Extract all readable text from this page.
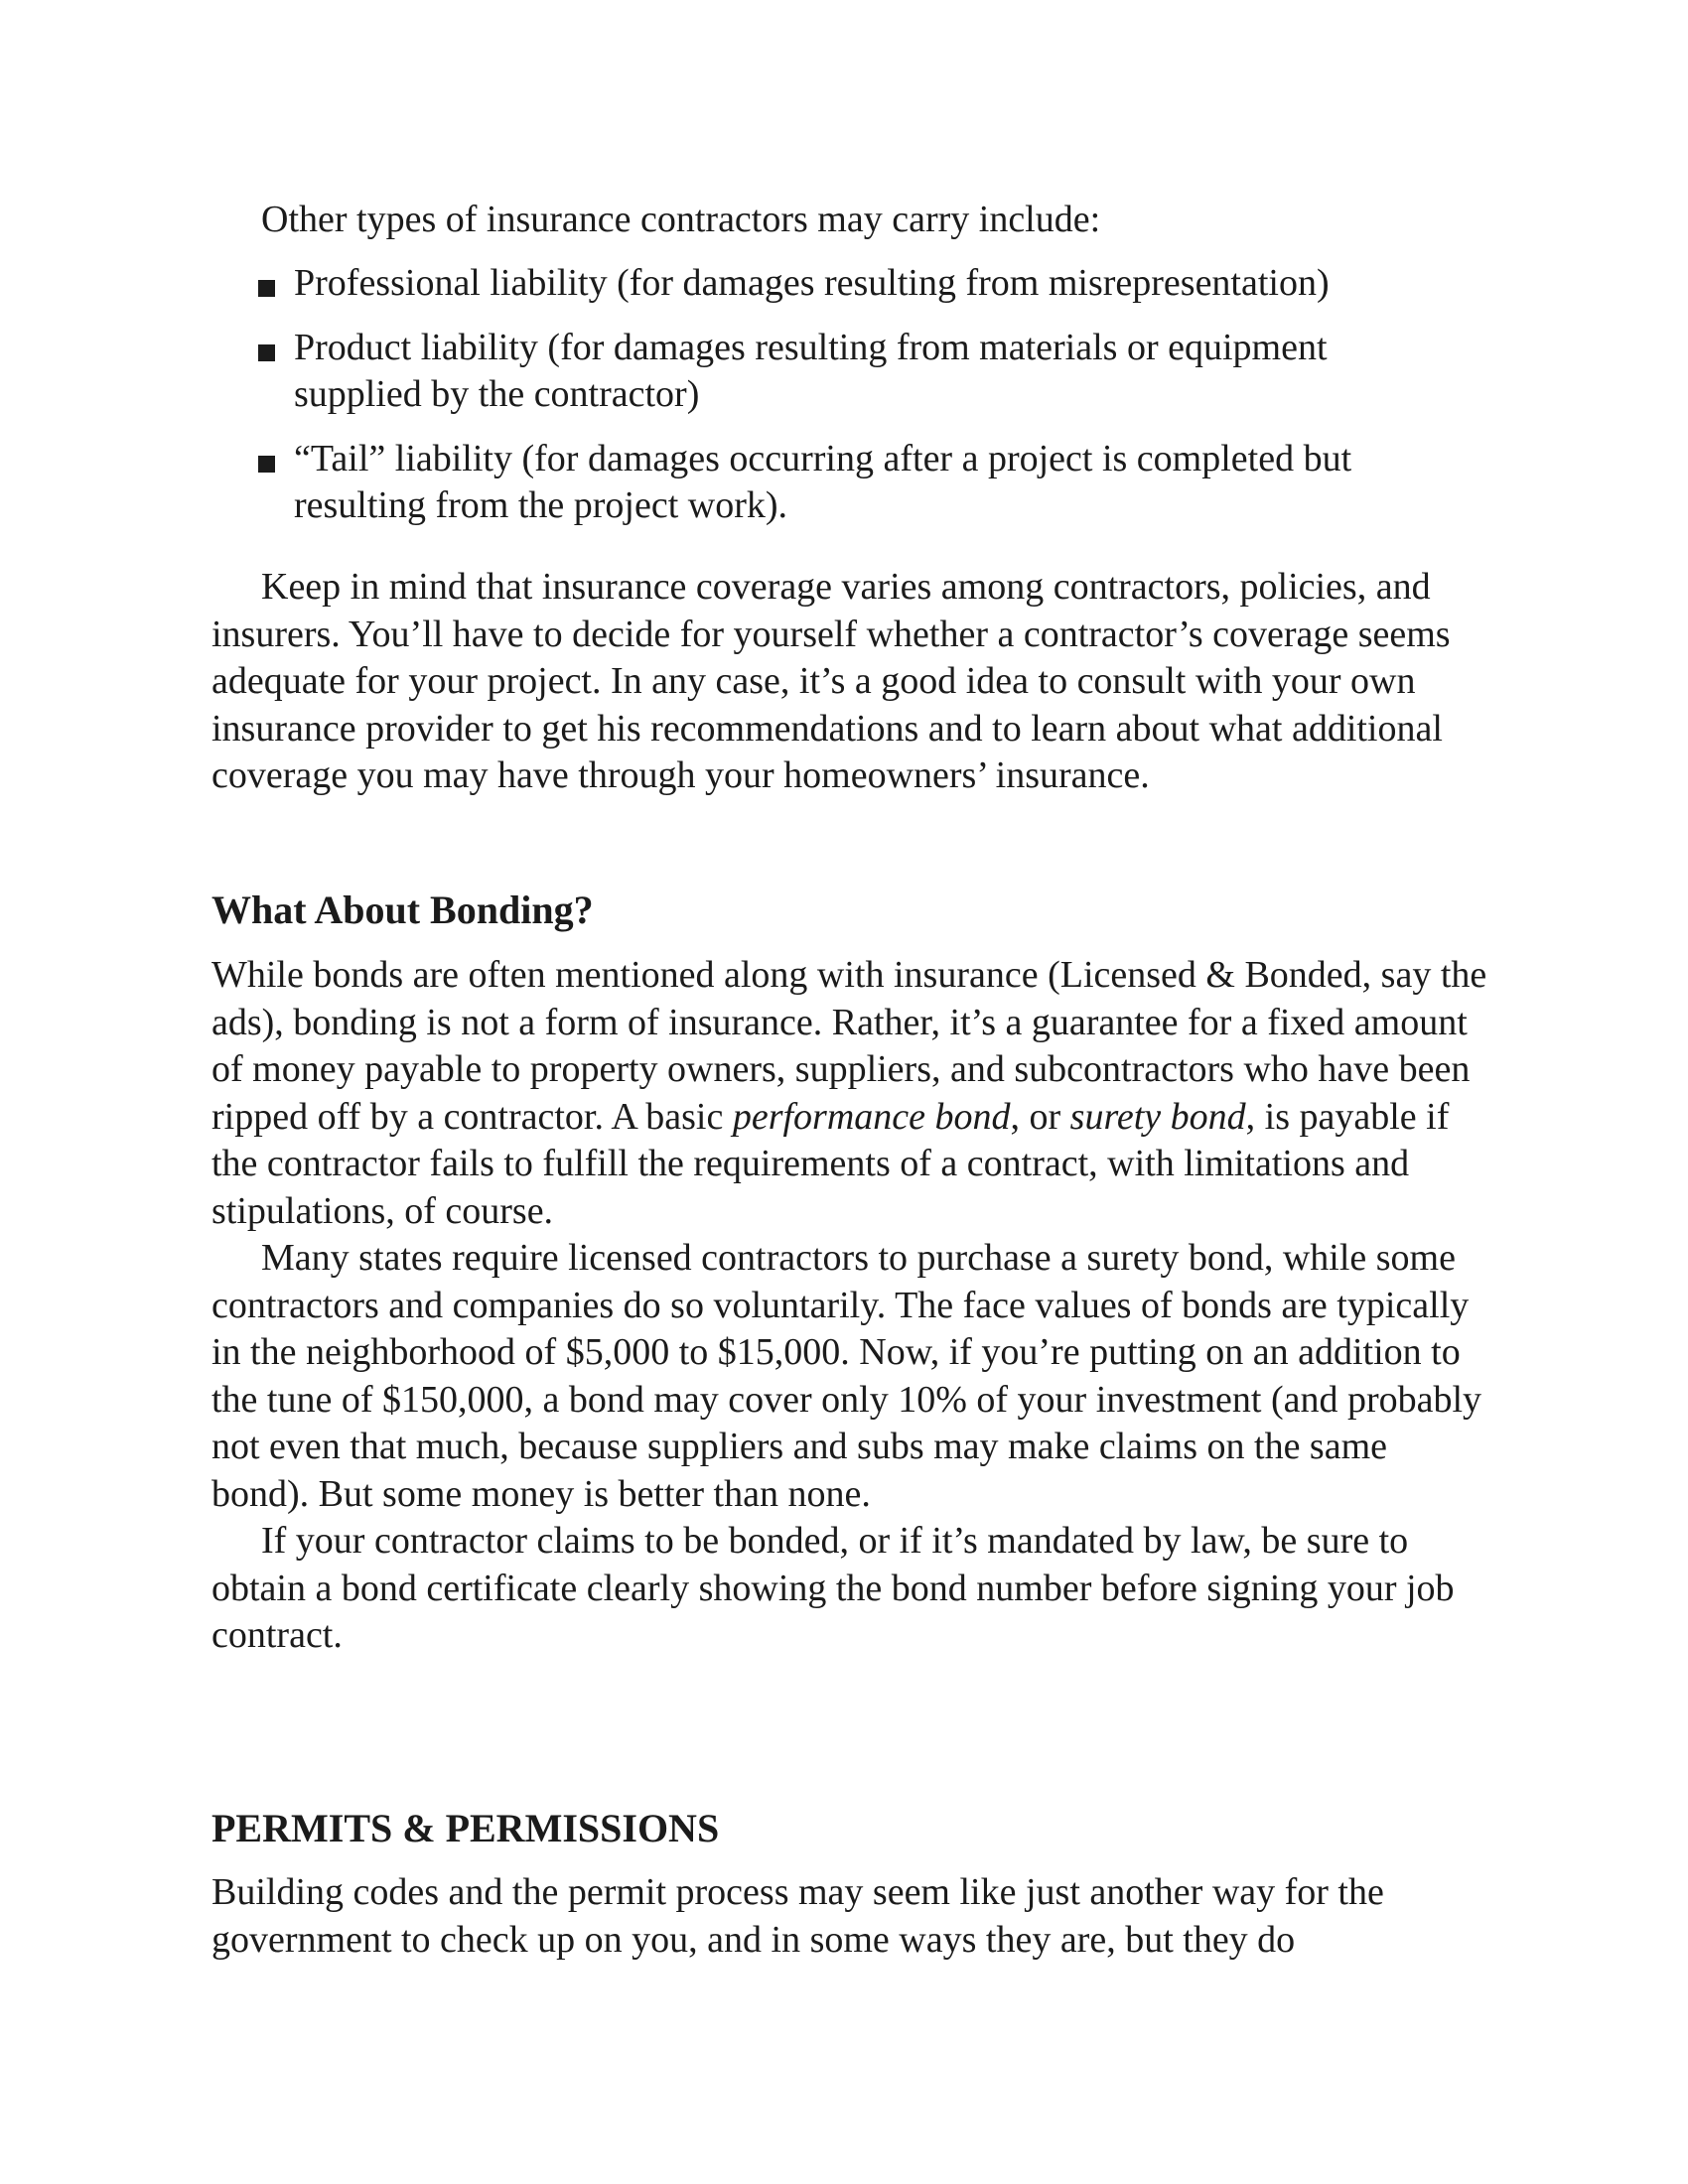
Other types of insurance contractors may carry include:

Professional liability (for damages resulting from misrepresentation)
Product liability (for damages resulting from materials or equipment supplied by the contractor)
“Tail” liability (for damages occurring after a project is completed but resulting from the project work).

Keep in mind that insurance coverage varies among contractors, policies, and insurers. You’ll have to decide for yourself whether a contractor’s coverage seems adequate for your project. In any case, it’s a good idea to consult with your own insurance provider to get his recommendations and to learn about what additional coverage you may have through your homeowners’ insurance.

What About Bonding?

While bonds are often mentioned along with insurance (Licensed & Bonded, say the ads), bonding is not a form of insurance. Rather, it’s a guarantee for a fixed amount of money payable to property owners, suppliers, and subcontractors who have been ripped off by a contractor. A basic performance bond, or surety bond, is payable if the contractor fails to fulfill the requirements of a contract, with limitations and stipulations, of course.

Many states require licensed contractors to purchase a surety bond, while some contractors and companies do so voluntarily. The face values of bonds are typically in the neighborhood of $5,000 to $15,000. Now, if you’re putting on an addition to the tune of $150,000, a bond may cover only 10% of your investment (and probably not even that much, because suppliers and subs may make claims on the same bond). But some money is better than none.

If your contractor claims to be bonded, or if it’s mandated by law, be sure to obtain a bond certificate clearly showing the bond number before signing your job contract.

PERMITS & PERMISSIONS

Building codes and the permit process may seem like just another way for the government to check up on you, and in some ways they are, but they do
